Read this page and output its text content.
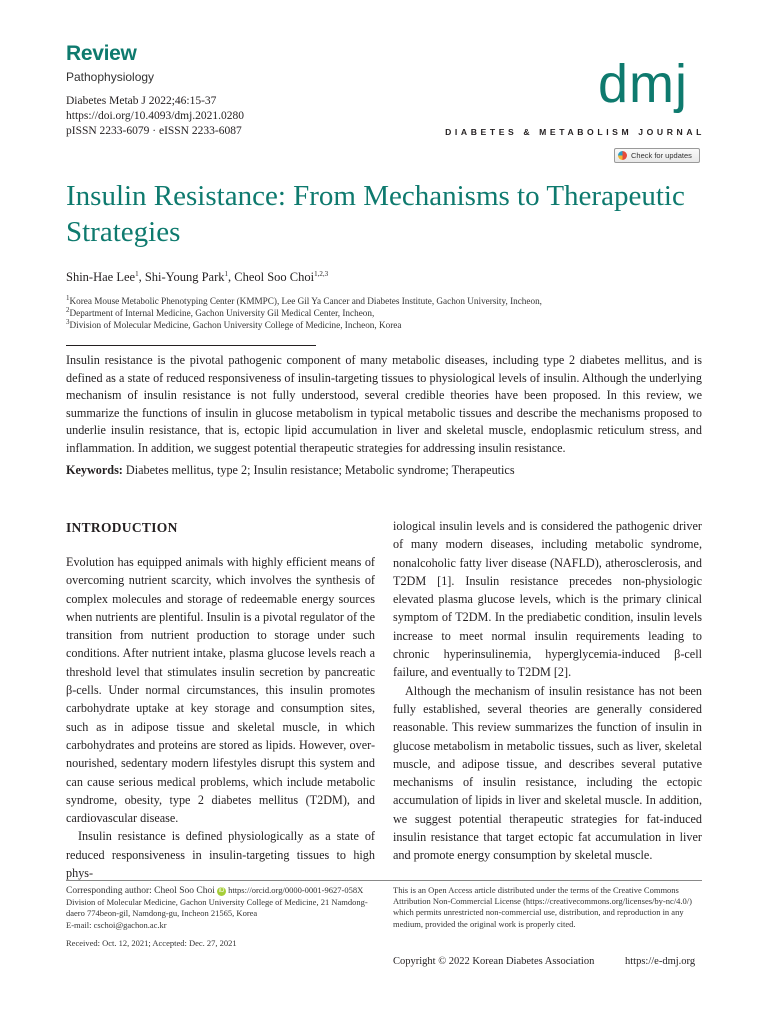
Review
Pathophysiology
Diabetes Metab J 2022;46:15-37
https://doi.org/10.4093/dmj.2021.0280
pISSN 2233-6079 · eISSN 2233-6087
dmj
DIABETES & METABOLISM JOURNAL
Check for updates
Insulin Resistance: From Mechanisms to Therapeutic Strategies
Shin-Hae Lee$^1$, Shi-Young Park$^1$, Cheol Soo Choi$^{1,2,3}$
$^1$Korea Mouse Metabolic Phenotyping Center (KMMPC), Lee Gil Ya Cancer and Diabetes Institute, Gachon University, Incheon,
$^2$Department of Internal Medicine, Gachon University Gil Medical Center, Incheon,
$^3$Division of Molecular Medicine, Gachon University College of Medicine, Incheon, Korea
Insulin resistance is the pivotal pathogenic component of many metabolic diseases, including type 2 diabetes mellitus, and is defined as a state of reduced responsiveness of insulin-targeting tissues to physiological levels of insulin. Although the underlying mechanism of insulin resistance is not fully understood, several credible theories have been proposed. In this review, we summarize the functions of insulin in glucose metabolism in typical metabolic tissues and describe the mechanisms proposed to underlie insulin resistance, that is, ectopic lipid accumulation in liver and skeletal muscle, endoplasmic reticulum stress, and inflammation. In addition, we suggest potential therapeutic strategies for addressing insulin resistance.
Keywords: Diabetes mellitus, type 2; Insulin resistance; Metabolic syndrome; Therapeutics
INTRODUCTION

Evolution has equipped animals with highly efficient means of overcoming nutrient scarcity, which involves the synthesis of complex molecules and storage of redeemable energy sources when nutrients are plentiful. Insulin is a pivotal regulator of the transition from nutrient production to storage under such conditions. After nutrient intake, plasma glucose levels reach a threshold level that stimulates insulin secretion by pancreatic β-cells. Under normal circumstances, this insulin promotes carbohydrate uptake at key storage and consumption sites, such as in adipose tissue and skeletal muscle, in which carbohydrates and proteins are stored as lipids. However, over-nourished, sedentary modern lifestyles disrupt this system and can cause serious medical problems, which include metabolic syndrome, obesity, type 2 diabetes mellitus (T2DM), and cardiovascular disease.

Insulin resistance is defined physiologically as a state of reduced responsiveness in insulin-targeting tissues to high phys-

iological insulin levels and is considered the pathogenic driver of many modern diseases, including metabolic syndrome, nonalcoholic fatty liver disease (NAFLD), atherosclerosis, and T2DM [1]. Insulin resistance precedes non-physiologic elevated plasma glucose levels, which is the primary clinical symptom of T2DM. In the prediabetic condition, insulin levels increase to meet normal insulin requirements leading to chronic hyperinsulinemia, hyperglycemia-induced β-cell failure, and eventually to T2DM [2].

Although the mechanism of insulin resistance has not been fully established, several theories are generally considered reasonable. This review summarizes the function of insulin in glucose metabolism in metabolic tissues, such as liver, skeletal muscle, and adipose tissue, and describes several putative mechanisms of insulin resistance, including the ectopic accumulation of lipids in liver and skeletal muscle. In addition, we suggest potential therapeutic strategies for fat-induced insulin resistance that target ectopic fat accumulation in liver and promote energy consumption by skeletal muscle.

Corresponding author: Cheol Soo Choi iD https://orcid.org/0000-0001-9627-058X
Division of Molecular Medicine, Gachon University College of Medicine, 21 Namdong-daero 774beon-gil, Namdong-gu, Incheon 21565, Korea
E-mail: cschoi@gachon.ac.kr
Received: Oct. 12, 2021; Accepted: Dec. 27, 2021
This is an Open Access article distributed under the terms of the Creative Commons Attribution Non-Commercial License (https://creativecommons.org/licenses/by-nc/4.0/) which permits unrestricted non-commercial use, distribution, and reproduction in any medium, provided the original work is properly cited.
Copyright © 2022 Korean Diabetes Association	https://e-dmj.org
